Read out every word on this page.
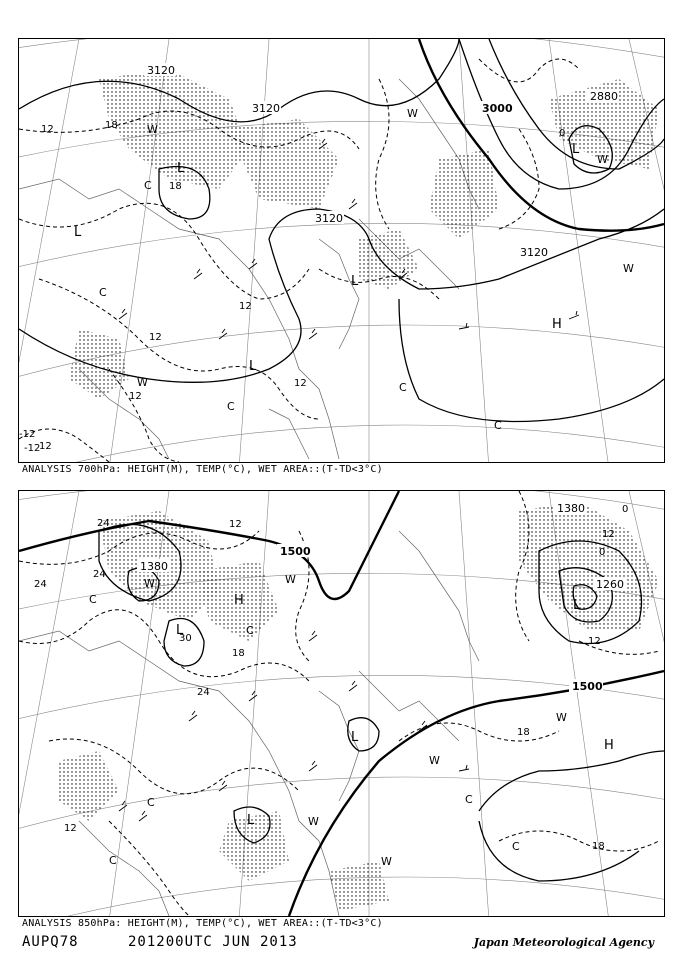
3120
3120	3000
2880
3120
3120
L
L
L
L
L
W
W
W
W
C
C
C
C
H
W	C
12	18
18
12
12
12
12
-12
0
-12
12
ANALYSIS 700hPa: HEIGHT(M), TEMP(°C), WET AREA::(T-TD<3°C)
1500
1380
1380
1260
1500
L
L
L
L
H
H
W	W
W
W
W
W
C
C
C
C
C
C
24
24
12
24
18
30
24
12
0
0
12
18
18
12
ANALYSIS 850hPa: HEIGHT(M), TEMP(°C), WET AREA::(T-TD<3°C)
AUPQ78	201200UTC JUN 2013	Japan Meteorological Agency
